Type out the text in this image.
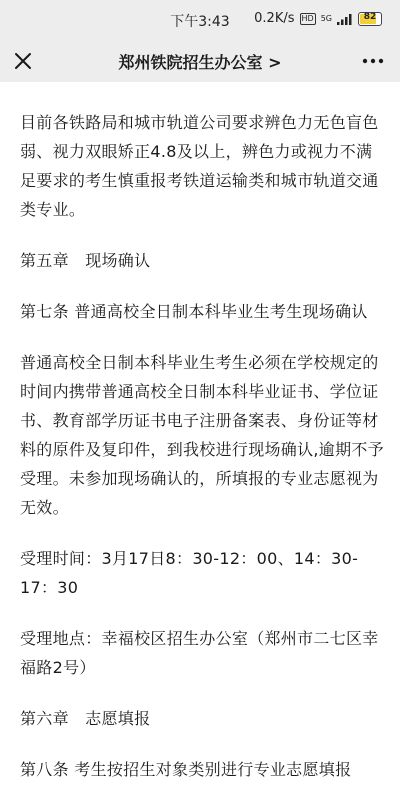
下午3:43	0.2K/s HD 5G	82
郑州铁院招生办公室 >

目前各铁路局和城市轨道公司要求辨色力无色盲色弱、视力双眼矫正4.8及以上，辨色力或视力不满足要求的考生慎重报考铁道运输类和城市轨道交通类专业。

第五章　现场确认

第七条 普通高校全日制本科毕业生考生现场确认

普通高校全日制本科毕业生考生必须在学校规定的时间内携带普通高校全日制本科毕业证书、学位证书、教育部学历证书电子注册备案表、身份证等材料的原件及复印件，到我校进行现场确认,逾期不予受理。未参加现场确认的，所填报的专业志愿视为无效。

受理时间：3月17日8：30-12：00、14：30-17：30

受理地点：幸福校区招生办公室（郑州市二七区幸福路2号）

第六章　志愿填报

第八条 考生按招生对象类别进行专业志愿填报
